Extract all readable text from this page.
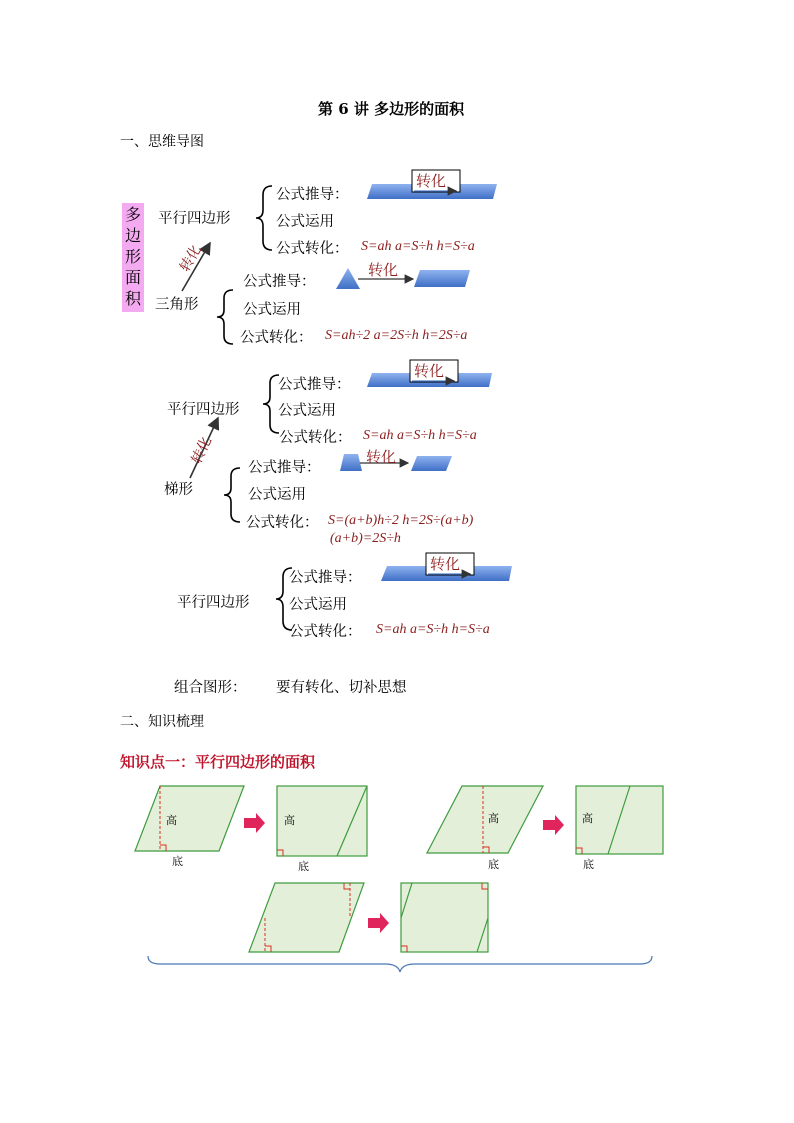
第 6 讲 多边形的面积
一、思维导图
多边形面积
平行四边形
三角形
转化
公式推导：
公式运用
公式转化： S=ah a=S÷h h=S÷a
转化
公式推导：
转化
公式运用
公式转化： S=ah÷2 a=2S÷h h=2S÷a
平行四边形
梯形
转化
公式推导：
转化
公式运用
公式转化： S=ah a=S÷h h=S÷a
公式推导：
转化
公式运用
公式转化： S=(a+b)h÷2 h=2S÷(a+b)
(a+b)=2S÷h
平行四边形
公式推导：
转化
公式运用
公式转化： S=ah a=S÷h h=S÷a
组合图形： 要有转化、切补思想
二、知识梳理
知识点一：平行四边形的面积
高
底
高
底
高
底
高
底
